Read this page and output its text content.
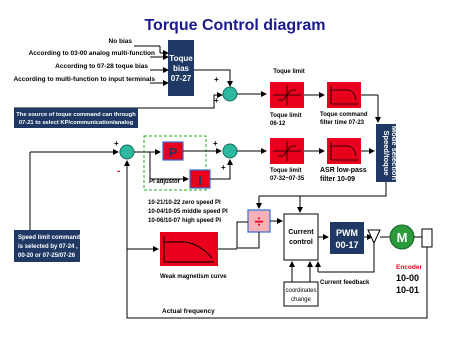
Torque Control diagram
No bias
According to 03-00 analog multi-function
According to 07-28 toque bias
According to multi-function to input terminals
Toque
bias
07-27	+
+
The source of toque command can through
07-21 to select KP/communication/analog
Toque limit
Toque limit
06-12
Toque command
filter time 07-23
Speed/toque Mode selection
+
-
P
I
PI adjustor
+
+	Toque limit
07-32~07-35
ASR low-pass
filter 10-09
Speed limit command
is selected by 07-24 ,
00-20 or 07-25/07-26
10-21/10-22 zero speed PI
10-04/10-05 middle speed PI
10-06/10-07 high speed PI ÷
Current
control
PWM
00-17	M
Encoder
10-00
10-01
Current feedback
coordinates
change
Weak magnetism curve
Actual frequency
